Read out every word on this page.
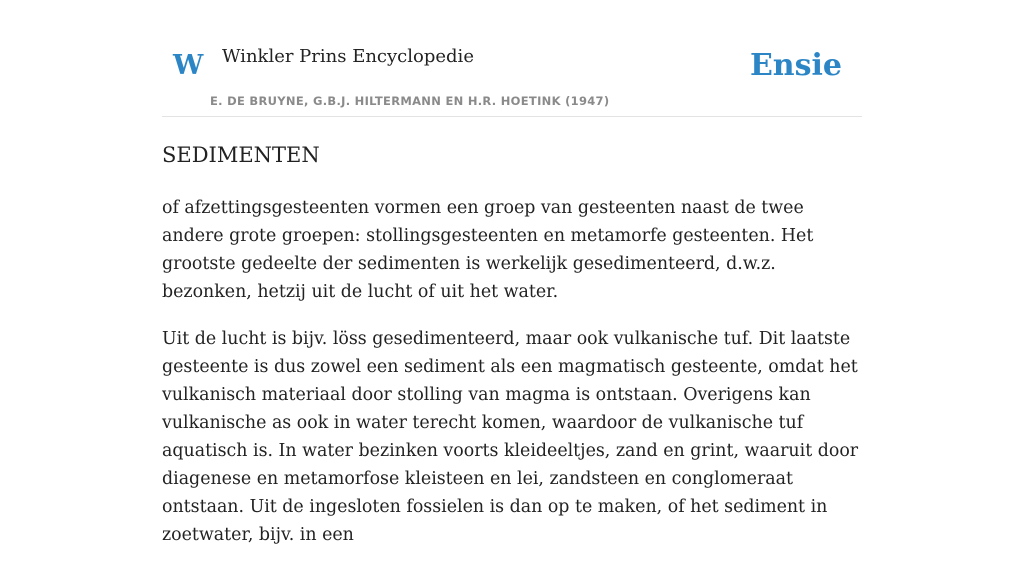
W Winkler Prins Encyclopedie
E. DE BRUYNE, G.B.J. HILTERMANN EN H.R. HOETINK (1947)
Ensie
SEDIMENTEN

of afzettingsgesteenten vormen een groep van gesteenten naast de twee andere grote groepen: stollingsgesteenten en metamorfe gesteenten. Het grootste gedeelte der sedimenten is werkelijk gesedimenteerd, d.w.z. bezonken, hetzij uit de lucht of uit het water.

Uit de lucht is bijv. löss gesedimenteerd, maar ook vulkanische tuf. Dit laatste gesteente is dus zowel een sediment als een magmatisch gesteente, omdat het vulkanisch materiaal door stolling van magma is ontstaan. Overigens kan vulkanische as ook in water terecht komen, waardoor de vulkanische tuf aquatisch is. In water bezinken voorts kleideeltjes, zand en grint, waaruit door diagenese en metamorfose kleisteen en lei, zandsteen en conglomeraat ontstaan. Uit de ingesloten fossielen is dan op te maken, of het sediment in zoetwater, bijv. in een
